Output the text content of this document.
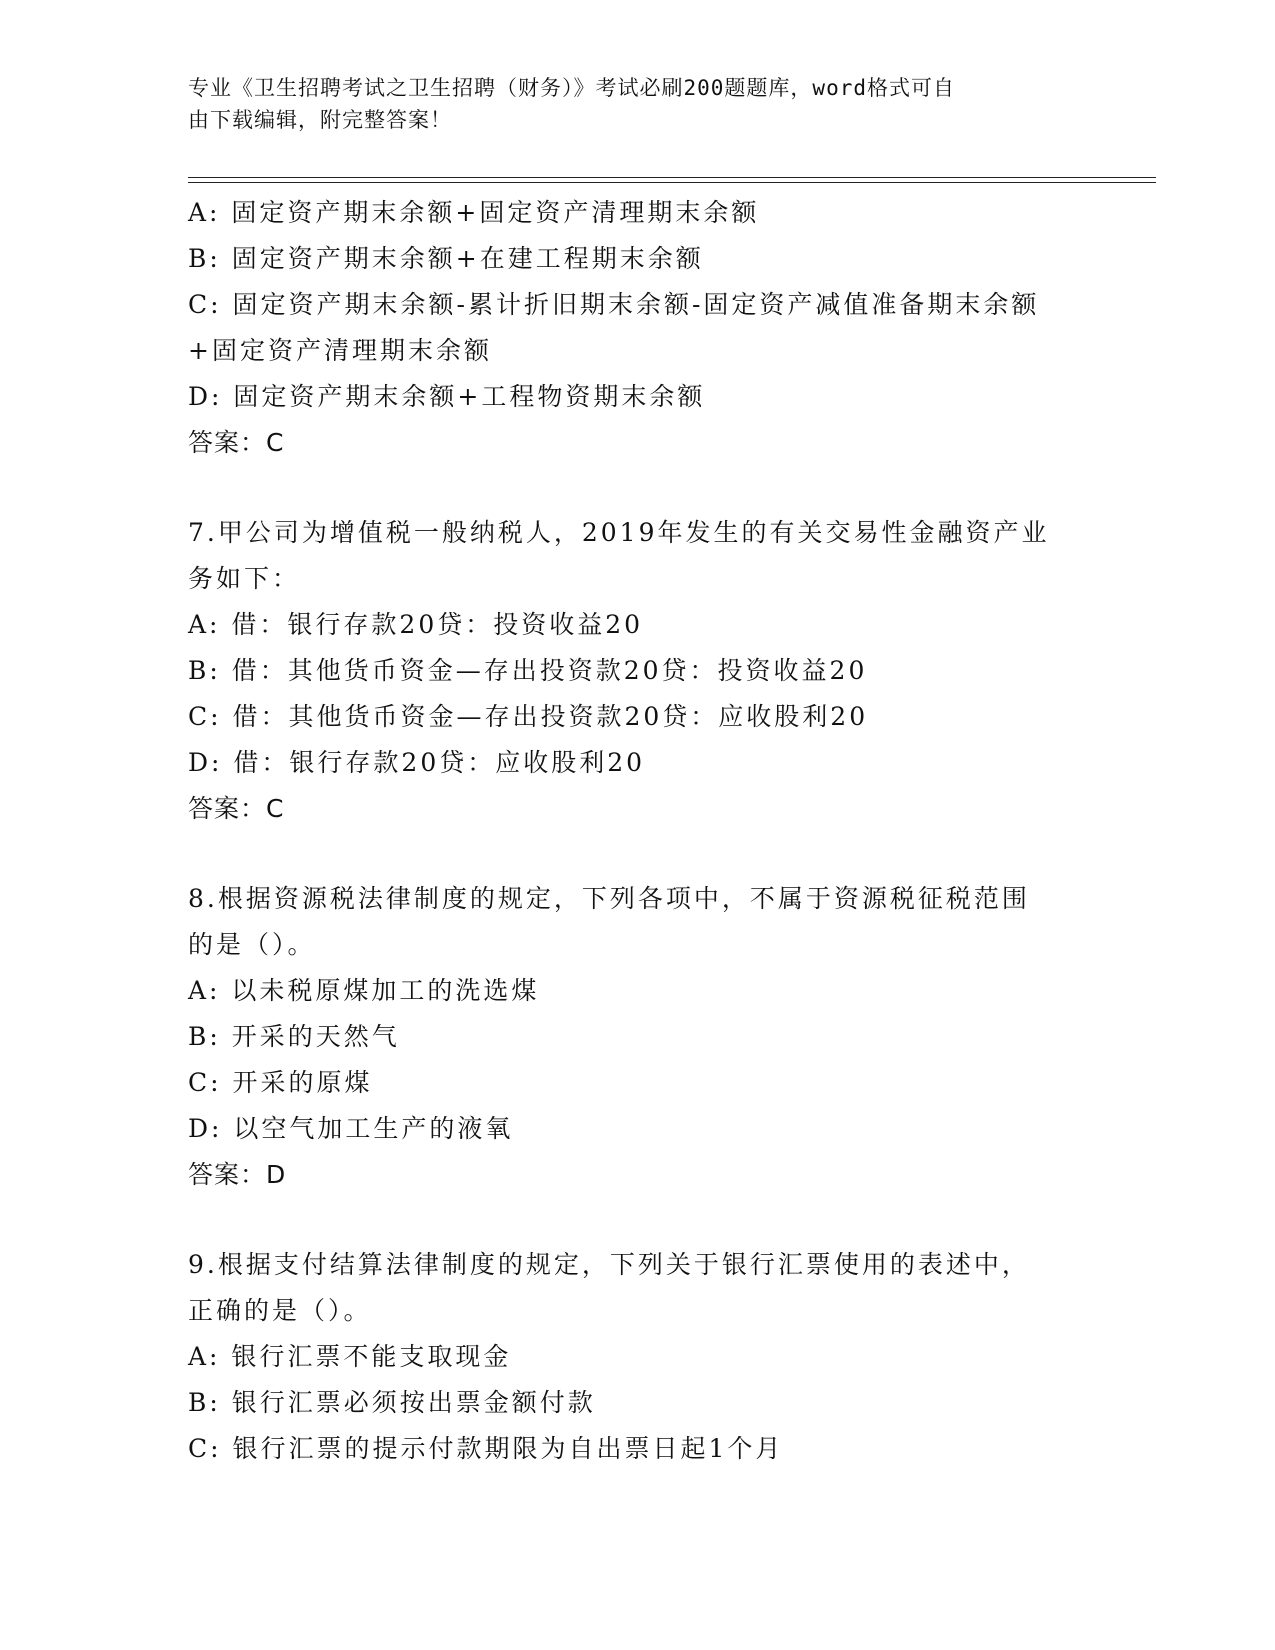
专业《卫生招聘考试之卫生招聘（财务）》考试必刷200题题库，word格式可自
由下载编辑，附完整答案！
A: 固定资产期末余额+固定资产清理期末余额
B: 固定资产期末余额+在建工程期末余额
C: 固定资产期末余额-累计折旧期末余额-固定资产减值准备期末余额
+固定资产清理期末余额
D: 固定资产期末余额+工程物资期末余额
答案：C
7.甲公司为增值税一般纳税人，2019年发生的有关交易性金融资产业
务如下：
A: 借：银行存款20贷：投资收益20
B: 借：其他货币资金—存出投资款20贷：投资收益20
C: 借：其他货币资金—存出投资款20贷：应收股利20
D: 借：银行存款20贷：应收股利20
答案：C
8.根据资源税法律制度的规定，下列各项中，不属于资源税征税范围
的是（）。
A: 以未税原煤加工的洗选煤
B: 开采的天然气
C: 开采的原煤
D: 以空气加工生产的液氧
答案：D
9.根据支付结算法律制度的规定，下列关于银行汇票使用的表述中，
正确的是（）。
A: 银行汇票不能支取现金
B: 银行汇票必须按出票金额付款
C: 银行汇票的提示付款期限为自出票日起1个月
